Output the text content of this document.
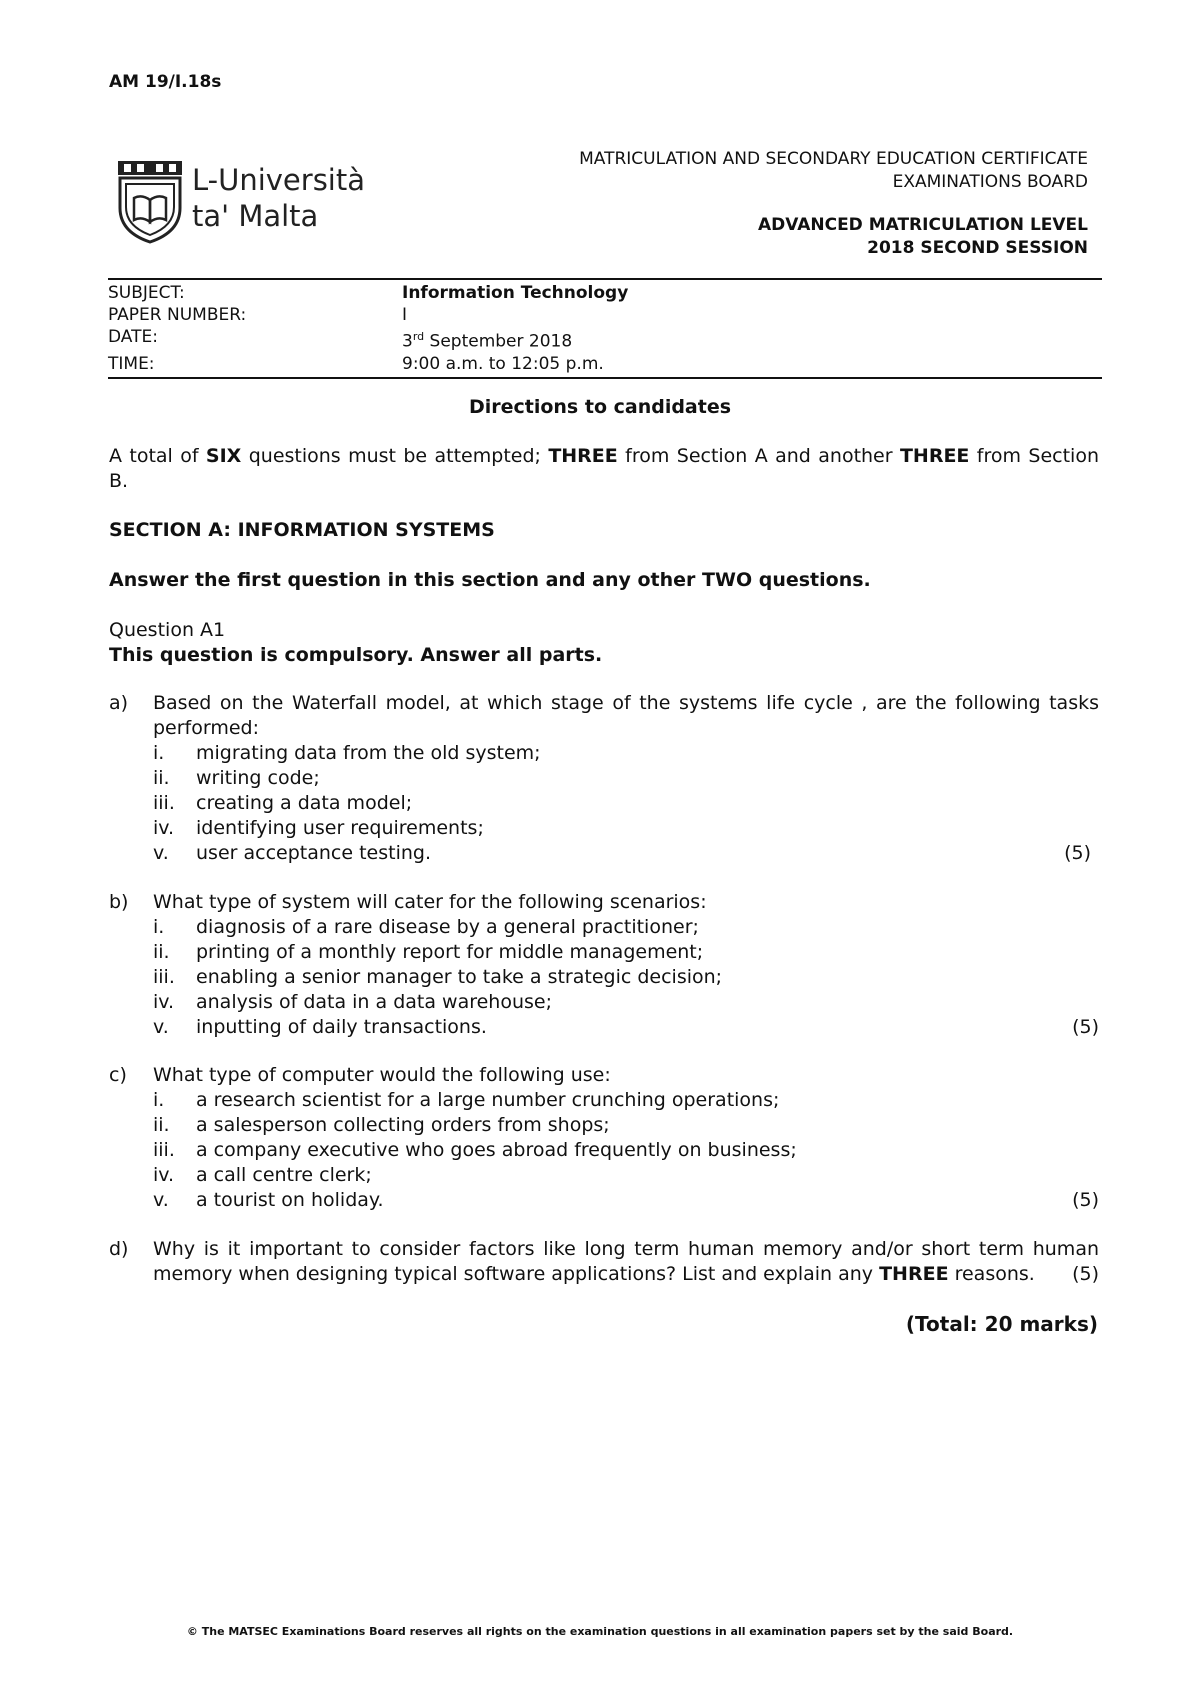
AM 19/I.18s
L-Università
ta' Malta
MATRICULATION AND SECONDARY EDUCATION CERTIFICATE
EXAMINATIONS BOARD
ADVANCED MATRICULATION LEVEL
2018 SECOND SESSION
SUBJECT:	Information Technology
PAPER NUMBER:	I
DATE:	3rd September 2018
TIME:	9:00 a.m. to 12:05 p.m.
Directions to candidates
A total of SIX questions must be attempted; THREE from Section A and another THREE from Section B.
SECTION A: INFORMATION SYSTEMS
Answer the first question in this section and any other TWO questions.
Question A1
This question is compulsory. Answer all parts.
a) Based on the Waterfall model, at which stage of the systems life cycle , are the following tasks performed:
i. migrating data from the old system;
ii. writing code;
iii. creating a data model;
iv. identifying user requirements;
v. user acceptance testing.	(5)
b) What type of system will cater for the following scenarios:
i. diagnosis of a rare disease by a general practitioner;
ii. printing of a monthly report for middle management;
iii. enabling a senior manager to take a strategic decision;
iv. analysis of data in a data warehouse;
v. inputting of daily transactions.	(5)
c) What type of computer would the following use:
i. a research scientist for a large number crunching operations;
ii. a salesperson collecting orders from shops;
iii. a company executive who goes abroad frequently on business;
iv. a call centre clerk;
v. a tourist on holiday.	(5)
d) Why is it important to consider factors like long term human memory and/or short term human memory when designing typical software applications? List and explain any THREE reasons. (5)
(Total: 20 marks)
© The MATSEC Examinations Board reserves all rights on the examination questions in all examination papers set by the said Board.
